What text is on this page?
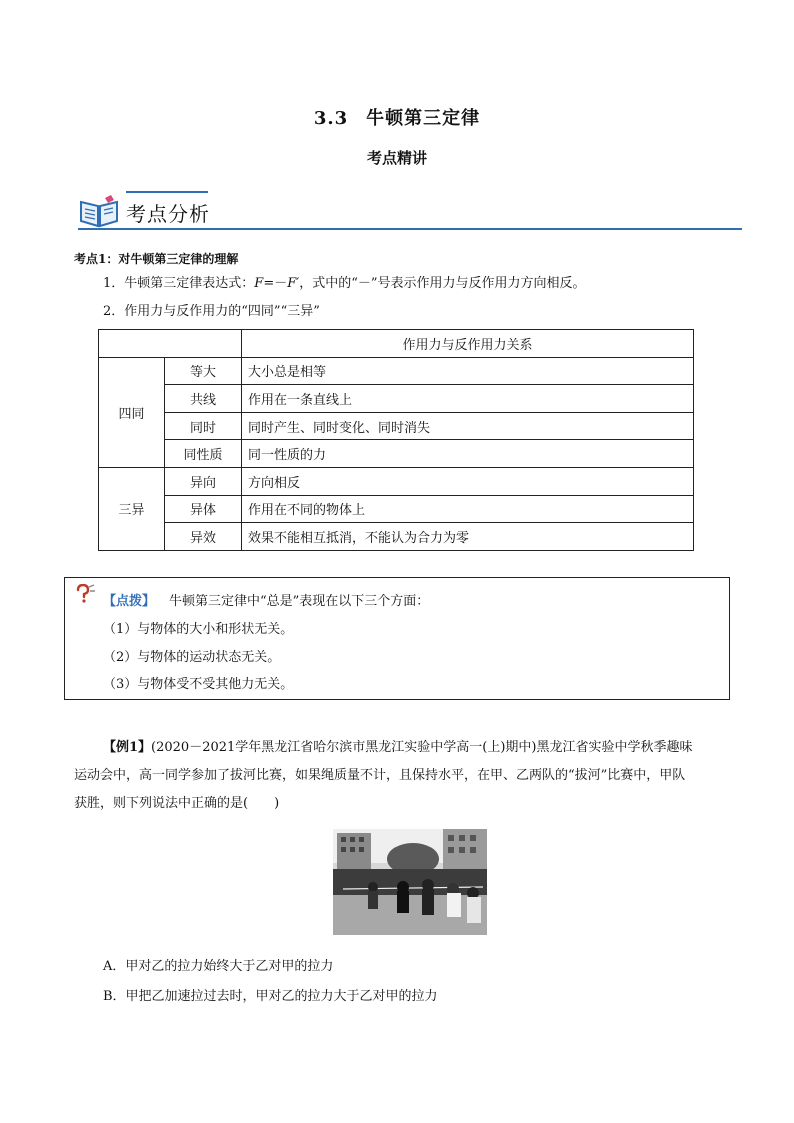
3.3 牛顿第三定律
考点精讲
考点分析
考点1：对牛顿第三定律的理解
1．牛顿第三定律表达式：F=－F′，式中的“－”号表示作用力与反作用力方向相反。
2．作用力与反作用力的“四同”“三异”
		作用力与反作用力关系
四同	等大	大小总是相等
	共线	作用在一条直线上
	同时	同时产生、同时变化、同时消失
	同性质	同一性质的力
三异	异向	方向相反
	异体	作用在不同的物体上
	异效	效果不能相互抵消，不能认为合力为零
【点拨】 牛顿第三定律中“总是”表现在以下三个方面：
（1）与物体的大小和形状无关。
（2）与物体的运动状态无关。
（3）与物体受不受其他力无关。
【例1】(2020－2021学年黑龙江省哈尔滨市黑龙江实验中学高一(上)期中)黑龙江省实验中学秋季趣味
运动会中，高一同学参加了拔河比赛，如果绳质量不计，且保持水平，在甲、乙两队的“拔河”比赛中，甲队
获胜，则下列说法中正确的是(　　)
A．甲对乙的拉力始终大于乙对甲的拉力
B．甲把乙加速拉过去时，甲对乙的拉力大于乙对甲的拉力
